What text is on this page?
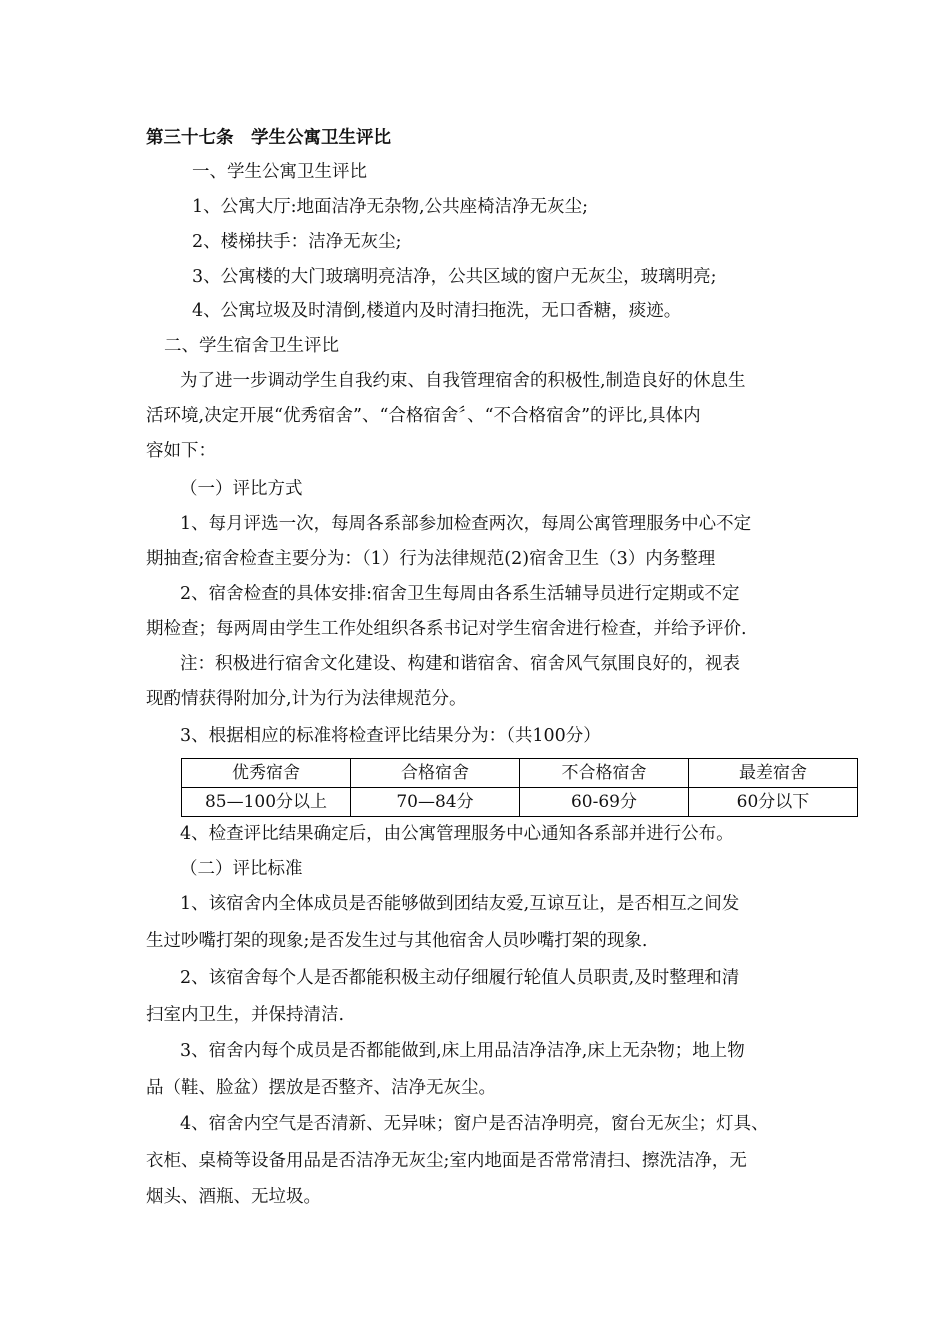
第三十七条　学生公寓卫生评比
一、学生公寓卫生评比
1、公寓大厅:地面洁净无杂物,公共座椅洁净无灰尘;
2、楼梯扶手：洁净无灰尘;
3、公寓楼的大门玻璃明亮洁净，公共区域的窗户无灰尘，玻璃明亮;
4、公寓垃圾及时清倒,楼道内及时清扫拖洗，无口香糖，痰迹。
二、学生宿舍卫生评比
为了进一步调动学生自我约束、自我管理宿舍的积极性,制造良好的休息生
活环境,决定开展“优秀宿舍”、“合格宿舍〞、“不合格宿舍”的评比,具体内
容如下：
（一）评比方式
1、每月评选一次，每周各系部参加检查两次，每周公寓管理服务中心不定
期抽查;宿舍检查主要分为：（1）行为法律规范(2)宿舍卫生（3）内务整理
2、宿舍检查的具体安排:宿舍卫生每周由各系生活辅导员进行定期或不定
期检查；每两周由学生工作处组织各系书记对学生宿舍进行检查，并给予评价.
注：积极进行宿舍文化建设、构建和谐宿舍、宿舍风气氛围良好的，视表
现酌情获得附加分,计为行为法律规范分。
3、根据相应的标准将检查评比结果分为：（共100分）
优秀宿舍	合格宿舍	不合格宿舍	最差宿舍
85—100分以上	70—84分	60-69分	60分以下
4、检查评比结果确定后，由公寓管理服务中心通知各系部并进行公布。
（二）评比标准
1、该宿舍内全体成员是否能够做到团结友爱,互谅互让，是否相互之间发
生过吵嘴打架的现象;是否发生过与其他宿舍人员吵嘴打架的现象.
2、该宿舍每个人是否都能积极主动仔细履行轮值人员职责,及时整理和清
扫室内卫生，并保持清洁.
3、宿舍内每个成员是否都能做到,床上用品洁净洁净,床上无杂物；地上物
品（鞋、脸盆）摆放是否整齐、洁净无灰尘。
4、宿舍内空气是否清新、无异味；窗户是否洁净明亮，窗台无灰尘；灯具、
衣柜、桌椅等设备用品是否洁净无灰尘;室内地面是否常常清扫、擦洗洁净，无
烟头、酒瓶、无垃圾。
